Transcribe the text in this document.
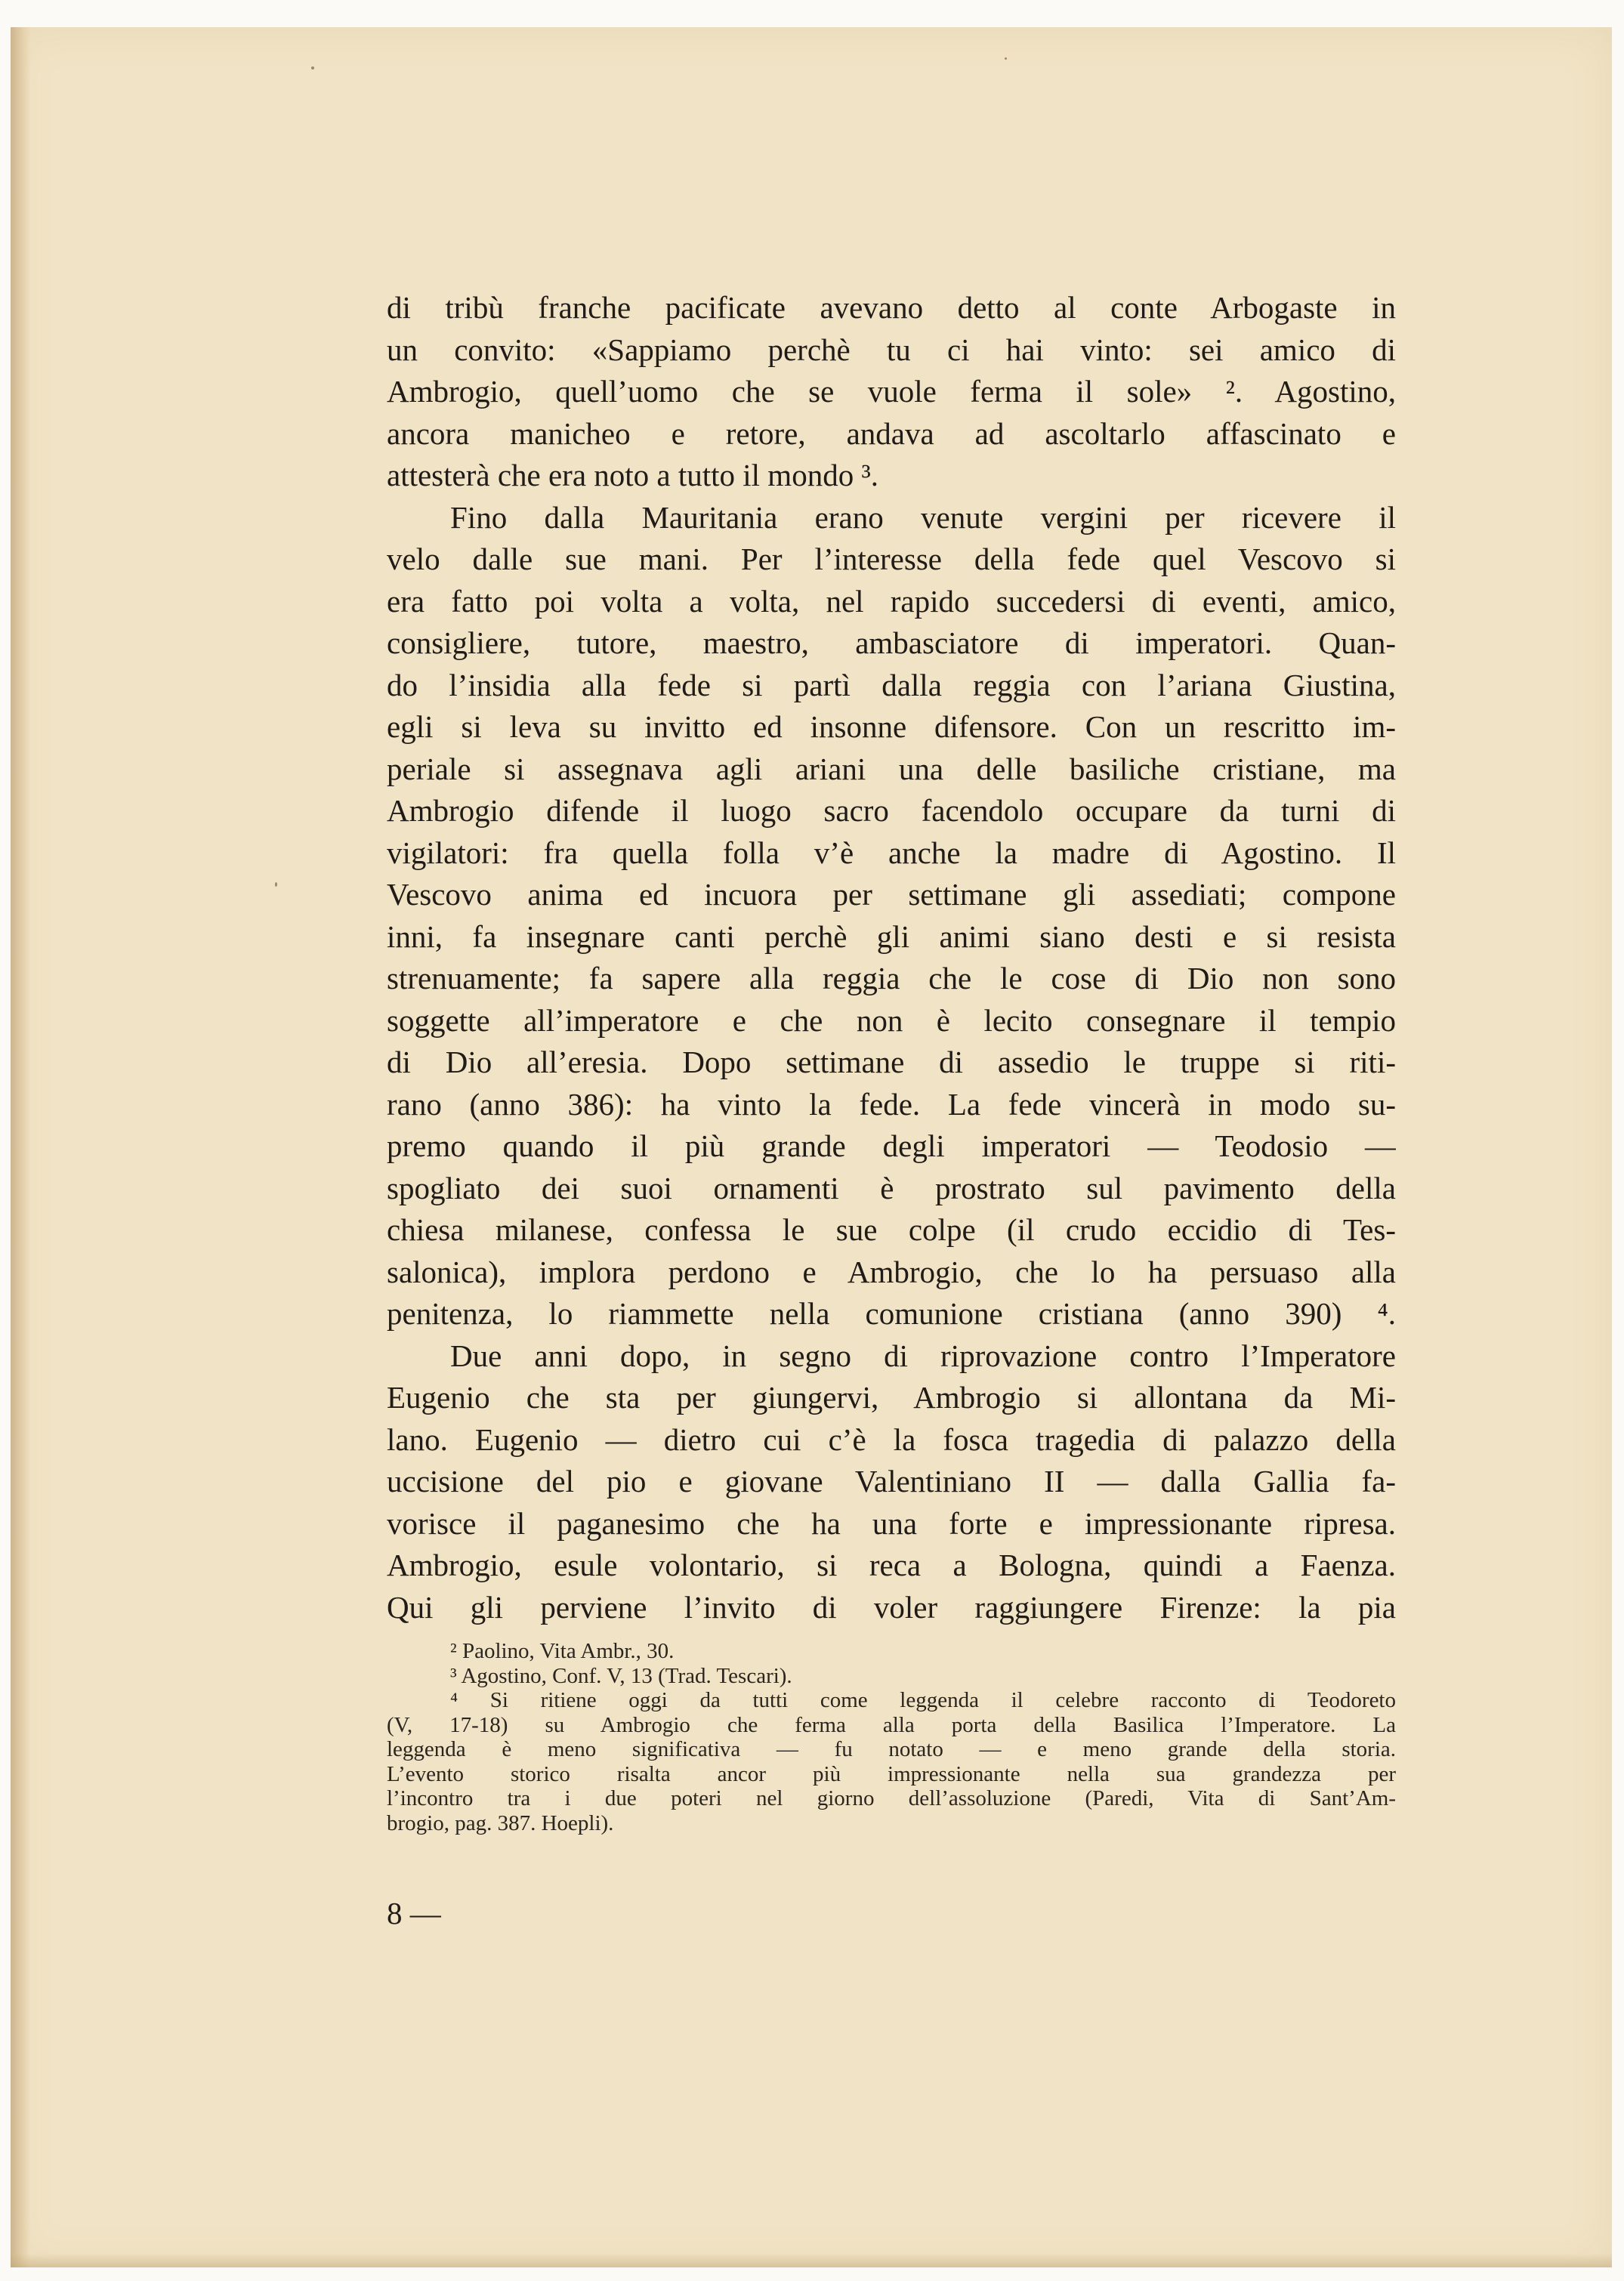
di tribù franche pacificate avevano detto al conte Arbogaste in
un convito: «Sappiamo perchè tu ci hai vinto: sei amico di
Ambrogio, quell’uomo che se vuole ferma il sole» ². Agostino,
ancora manicheo e retore, andava ad ascoltarlo affascinato e
attesterà che era noto a tutto il mondo ³.
Fino dalla Mauritania erano venute vergini per ricevere il
velo dalle sue mani. Per l’interesse della fede quel Vescovo si
era fatto poi volta a volta, nel rapido succedersi di eventi, amico,
consigliere, tutore, maestro, ambasciatore di imperatori. Quan-
do l’insidia alla fede si partì dalla reggia con l’ariana Giustina,
egli si leva su invitto ed insonne difensore. Con un rescritto im-
periale si assegnava agli ariani una delle basiliche cristiane, ma
Ambrogio difende il luogo sacro facendolo occupare da turni di
vigilatori: fra quella folla v’è anche la madre di Agostino. Il
Vescovo anima ed incuora per settimane gli assediati; compone
inni, fa insegnare canti perchè gli animi siano desti e si resista
strenuamente; fa sapere alla reggia che le cose di Dio non sono
soggette all’imperatore e che non è lecito consegnare il tempio
di Dio all’eresia. Dopo settimane di assedio le truppe si riti-
rano (anno 386): ha vinto la fede. La fede vincerà in modo su-
premo quando il più grande degli imperatori — Teodosio —
spogliato dei suoi ornamenti è prostrato sul pavimento della
chiesa milanese, confessa le sue colpe (il crudo eccidio di Tes-
salonica), implora perdono e Ambrogio, che lo ha persuaso alla
penitenza, lo riammette nella comunione cristiana (anno 390) ⁴.
Due anni dopo, in segno di riprovazione contro l’Imperatore
Eugenio che sta per giungervi, Ambrogio si allontana da Mi-
lano. Eugenio — dietro cui c’è la fosca tragedia di palazzo della
uccisione del pio e giovane Valentiniano II — dalla Gallia fa-
vorisce il paganesimo che ha una forte e impressionante ripresa.
Ambrogio, esule volontario, si reca a Bologna, quindi a Faenza.
Qui gli perviene l’invito di voler raggiungere Firenze: la pia
² Paolino, Vita Ambr., 30.
³ Agostino, Conf. V, 13 (Trad. Tescari).
⁴ Si ritiene oggi da tutti come leggenda il celebre racconto di Teodoreto
(V, 17-18) su Ambrogio che ferma alla porta della Basilica l’Imperatore. La
leggenda è meno significativa — fu notato — e meno grande della storia.
L’evento storico risalta ancor più impressionante nella sua grandezza per
l’incontro tra i due poteri nel giorno dell’assoluzione (Paredi, Vita di Sant’Am-
brogio, pag. 387. Hoepli).
8 —
